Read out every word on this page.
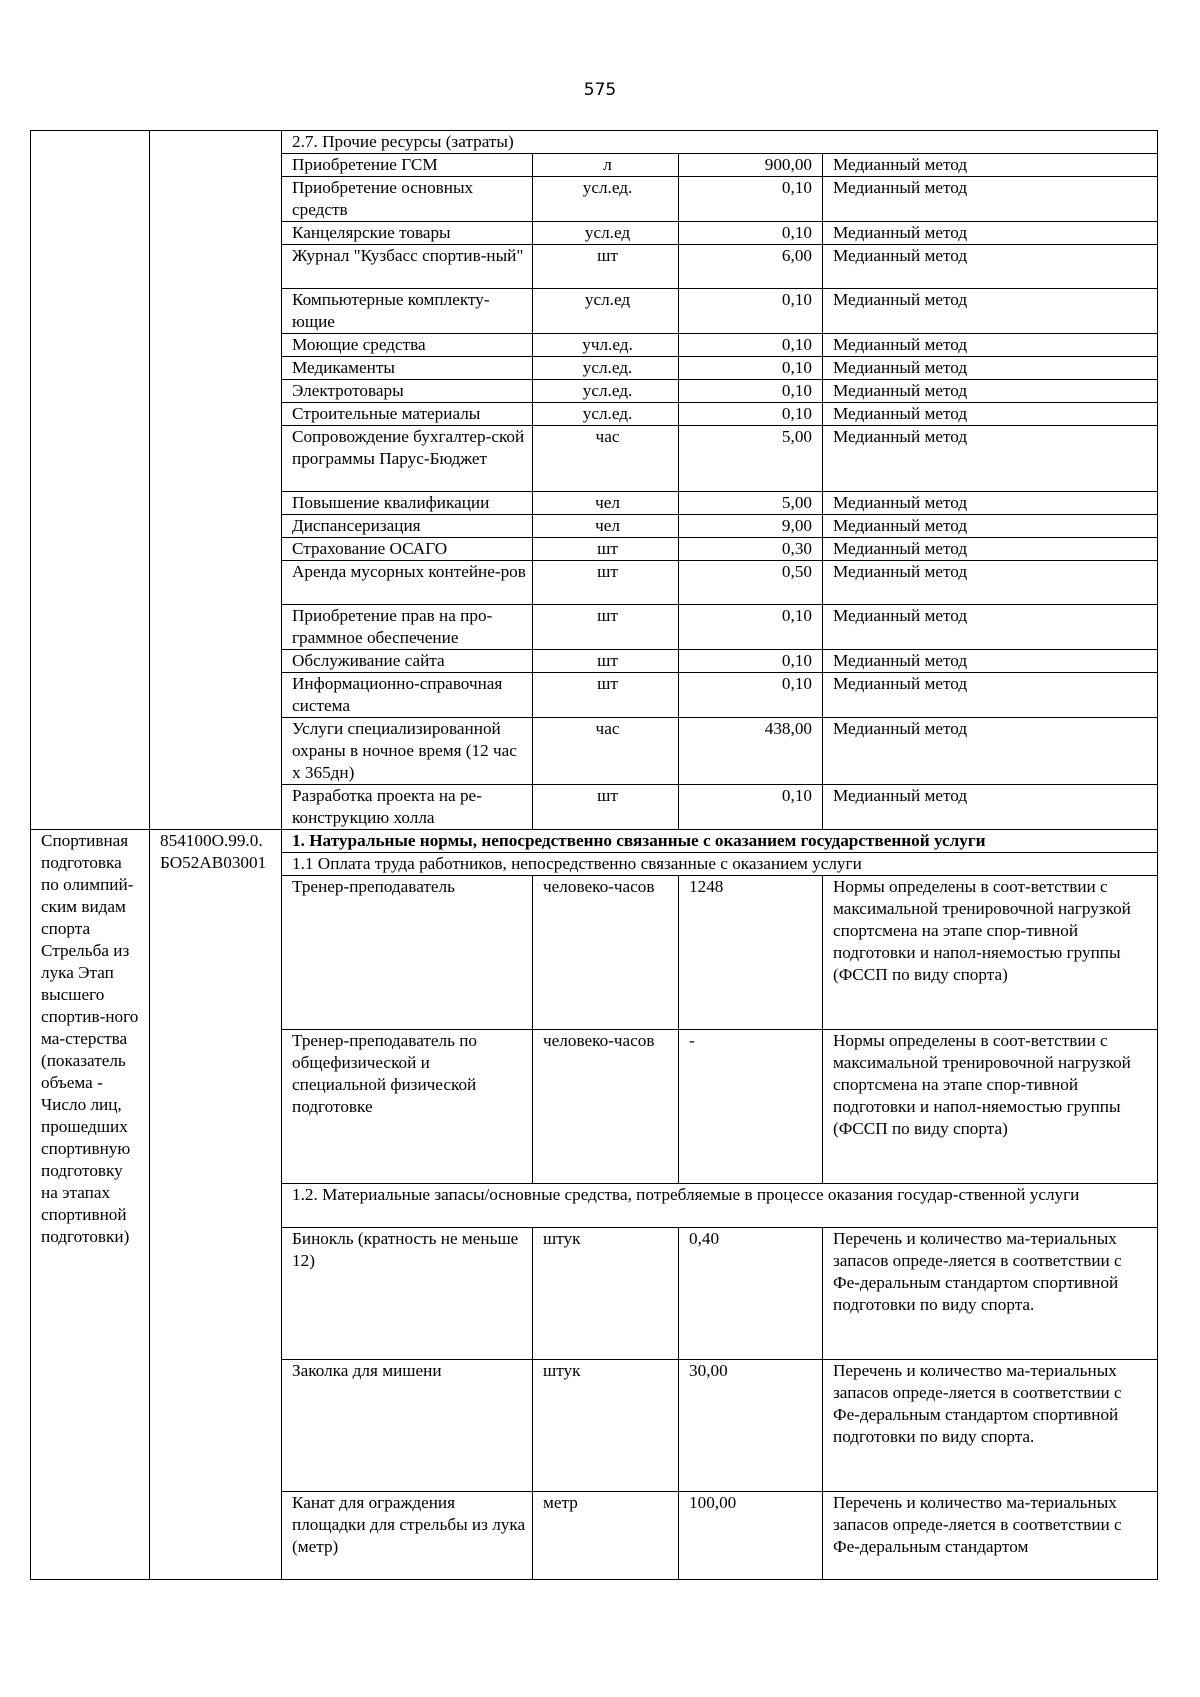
575
		2.7. Прочие ресурсы (затраты)			
		Приобретение ГСМ	л	900,00	Медианный метод
		Приобретение основных средств	усл.ед.	0,10	Медианный метод
		Канцелярские товары	усл.ед	0,10	Медианный метод
		Журнал "Кузбасс спортив-ный"	шт	6,00	Медианный метод
		Компьютерные комплекту-ющие	усл.ед	0,10	Медианный метод
		Моющие средства	учл.ед.	0,10	Медианный метод
		Медикаменты	усл.ед.	0,10	Медианный метод
		Электротовары	усл.ед.	0,10	Медианный метод
		Строительные материалы	усл.ед.	0,10	Медианный метод
		Сопровождение бухгалтер-ской программы Парус-Бюджет	час	5,00	Медианный метод
		Повышение квалификации	чел	5,00	Медианный метод
		Диспансеризация	чел	9,00	Медианный метод
		Страхование ОСАГО	шт	0,30	Медианный метод
		Аренда мусорных контейне-ров	шт	0,50	Медианный метод
		Приобретение прав на про-граммное обеспечение	шт	0,10	Медианный метод
		Обслуживание сайта	шт	0,10	Медианный метод
		Информационно-справочная система	шт	0,10	Медианный метод
		Услуги специализированной охраны в ночное время (12 час х 365дн)	час	438,00	Медианный метод
		Разработка проекта на ре-конструкцию холла	шт	0,10	Медианный метод
Спортивная подготовка по олимпий-ским видам спорта Стрельба из лука Этап высшего спортив-ного ма-стерства (показатель объема - Число лиц, прошедших спортивную подготовку на этапах спортивной подготовки)	854100О.99.0. БО52АВ03001	1. Натуральные нормы, непосредственно связанные с оказанием государственной услуги			
		1.1 Оплата труда работников, непосредственно связанные с оказанием услуги			
		Тренер-преподаватель	человеко-часов	1248	Нормы определены в соот-ветствии с максимальной тренировочной нагрузкой спортсмена на этапе спор-тивной подготовки и напол-няемостью группы (ФССП по виду спорта)
		Тренер-преподаватель по общефизической и специальной физической подготовке	человеко-часов	-	Нормы определены в соот-ветствии с максимальной тренировочной нагрузкой спортсмена на этапе спор-тивной подготовки и напол-няемостью группы (ФССП по виду спорта)
		1.2. Материальные запасы/основные средства, потребляемые в процессе оказания государ-ственной услуги			
		Бинокль (кратность не меньше 12)	штук	0,40	Перечень и количество ма-териальных запасов опреде-ляется в соответствии с Фе-деральным стандартом спортивной подготовки по виду спорта.
		Заколка для мишени	штук	30,00	Перечень и количество ма-териальных запасов опреде-ляется в соответствии с Фе-деральным стандартом спортивной подготовки по виду спорта.
		Канат для ограждения площадки для стрельбы из лука (метр)	метр	100,00	Перечень и количество ма-териальных запасов опреде-ляется в соответствии с Фе-деральным стандартом
